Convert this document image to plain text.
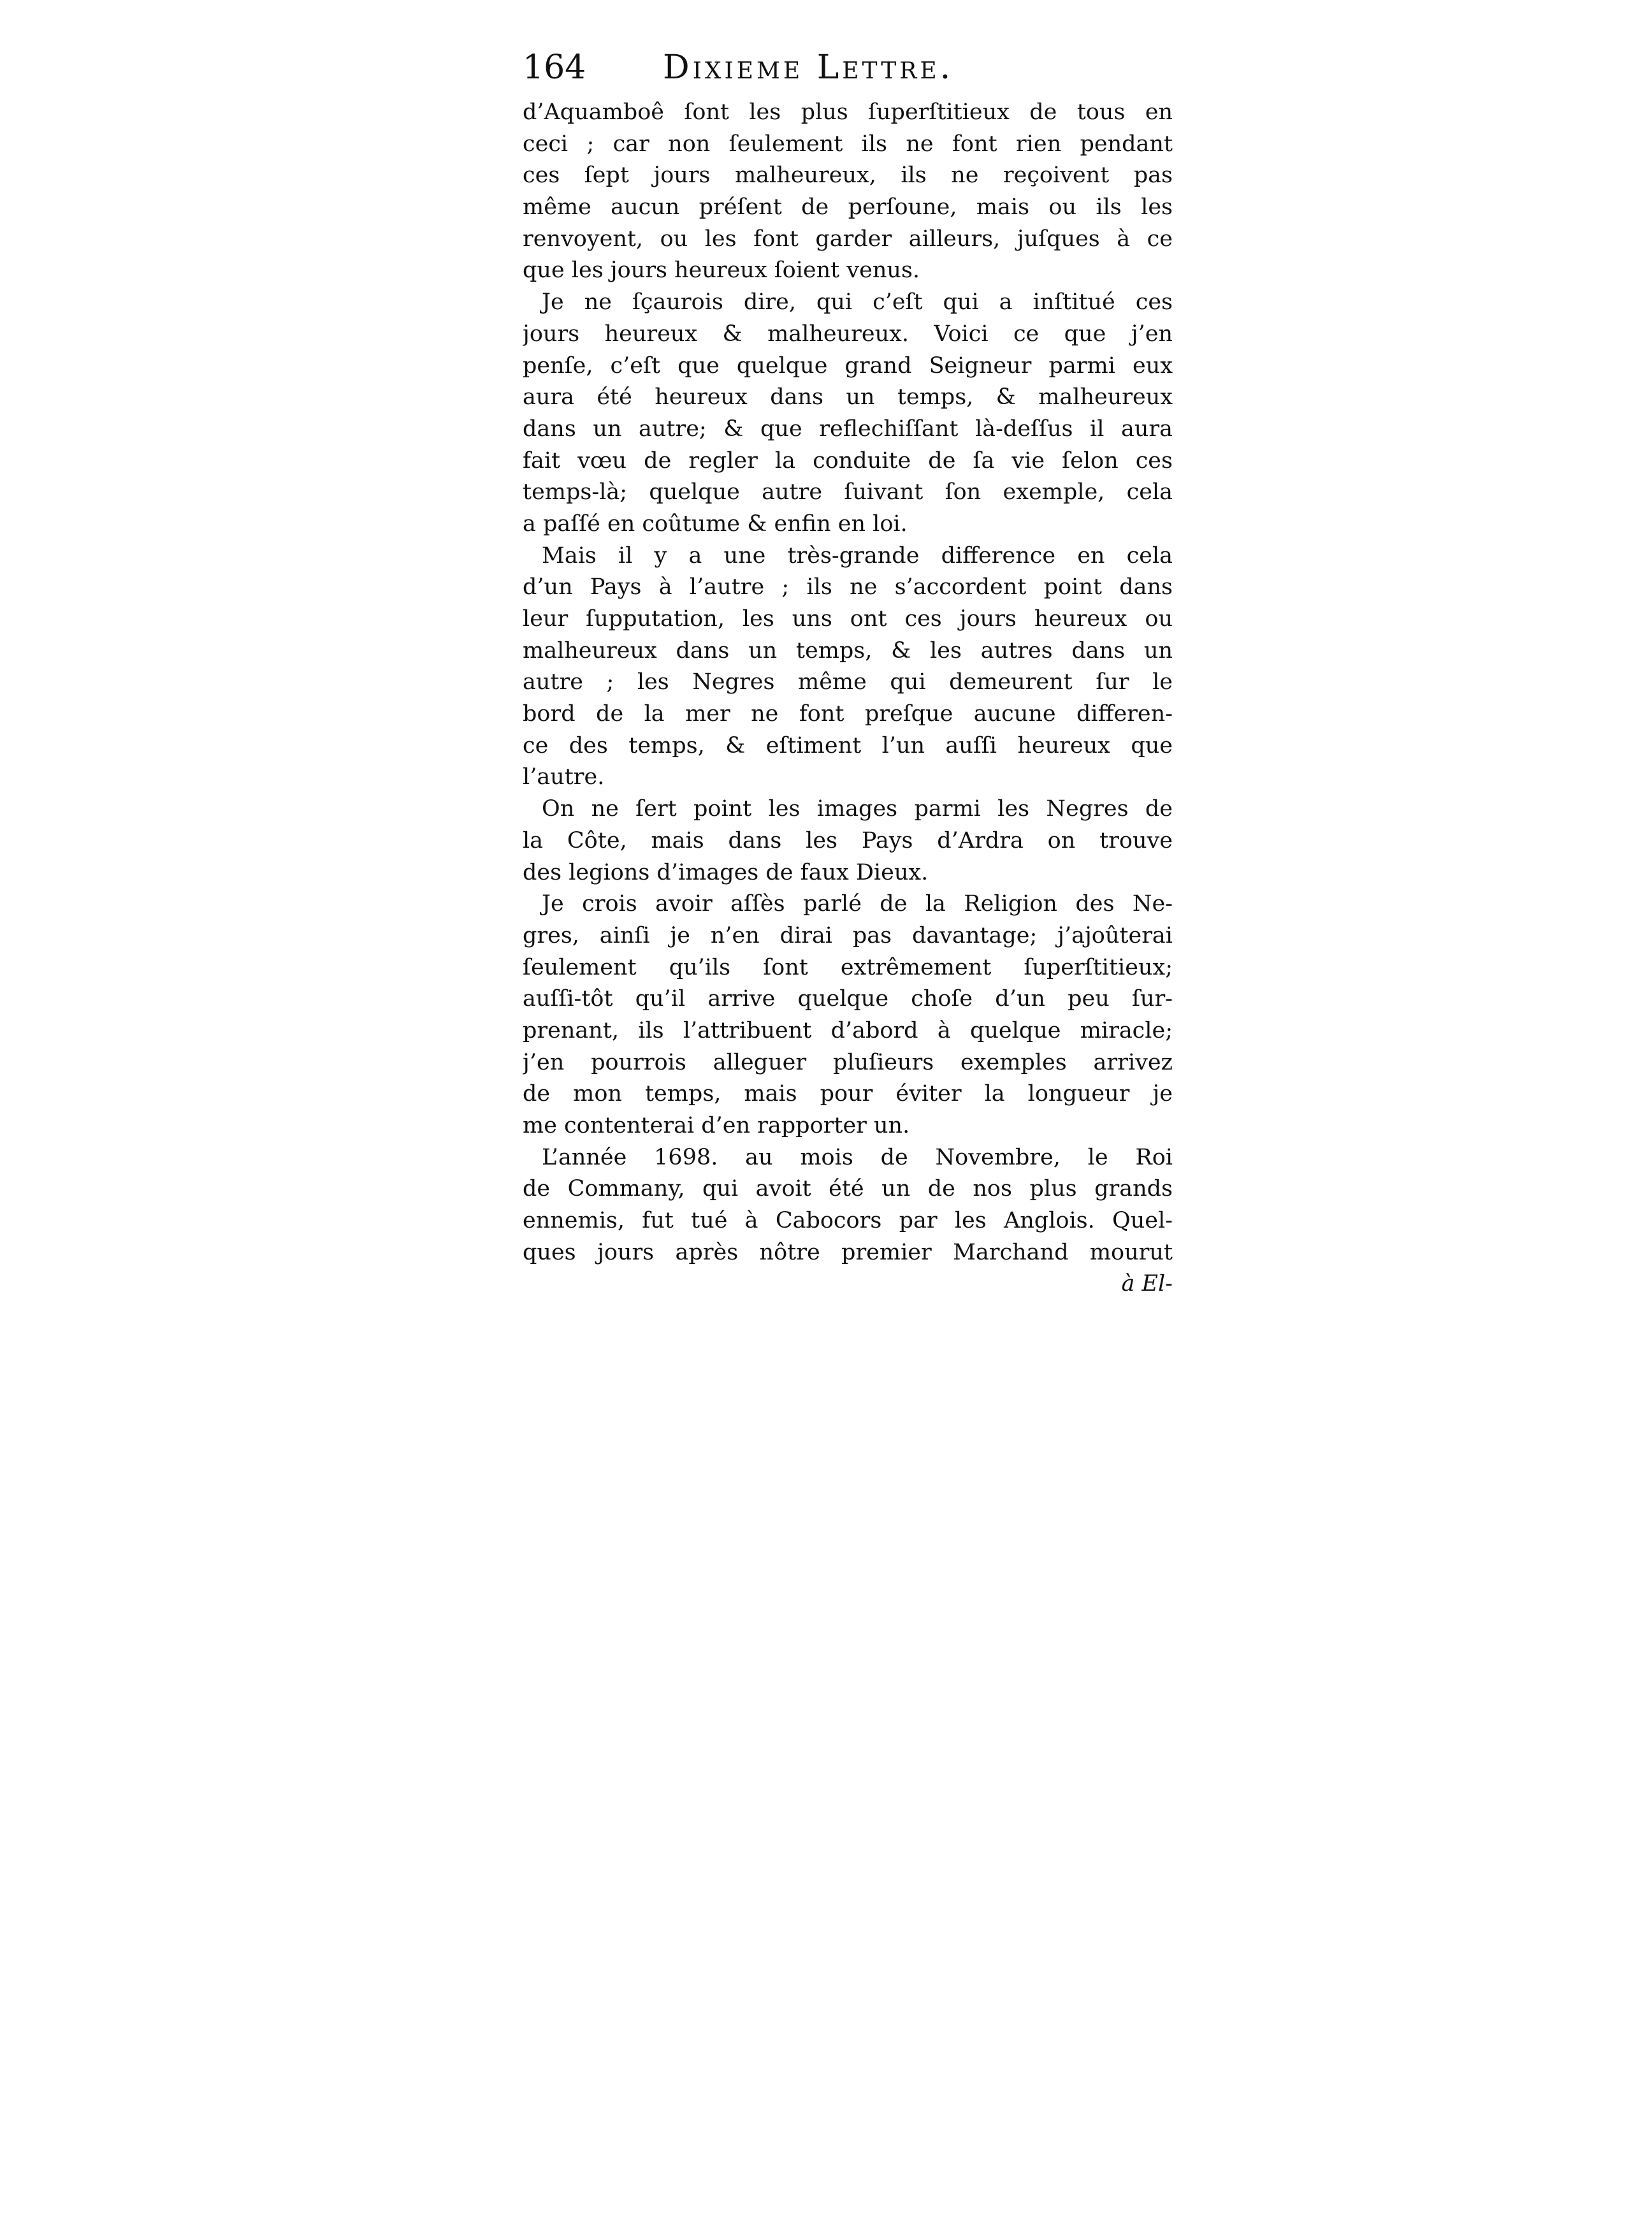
164 Dixieme Lettre.
d’Aquamboê ſont les plus ſuperſtitieux de tous en
ceci ; car non ſeulement ils ne font rien pendant
ces ſept jours malheureux, ils ne reçoivent pas
même aucun préſent de perſoune, mais ou ils les
renvoyent, ou les font garder ailleurs, juſques à ce
que les jours heureux ſoient venus.
Je ne ſçaurois dire, qui c’eſt qui a inſtitué ces
jours heureux & malheureux. Voici ce que j’en
penſe, c’eſt que quelque grand Seigneur parmi eux
aura été heureux dans un temps, & malheureux
dans un autre; & que reflechiſſant là-deſſus il aura
fait vœu de regler la conduite de ſa vie ſelon ces
temps-là; quelque autre ſuivant ſon exemple, cela
a paſſé en coûtume & enfin en loi.
Mais il y a une très-grande difference en cela
d’un Pays à l’autre ; ils ne s’accordent point dans
leur ſupputation, les uns ont ces jours heureux ou
malheureux dans un temps, & les autres dans un
autre ; les Negres même qui demeurent ſur le
bord de la mer ne font preſque aucune differen-
ce des temps, & eſtiment l’un auſſi heureux que
l’autre.
On ne ſert point les images parmi les Negres de
la Côte, mais dans les Pays d’Ardra on trouve
des legions d’images de faux Dieux.
Je crois avoir aſſès parlé de la Religion des Ne-
gres, ainſi je n’en dirai pas davantage; j’ajoûterai
ſeulement qu’ils ſont extrêmement ſuperſtitieux;
auſſi-tôt qu’il arrive quelque choſe d’un peu ſur-
prenant, ils l’attribuent d’abord à quelque miracle;
j’en pourrois alleguer pluſieurs exemples arrivez
de mon temps, mais pour éviter la longueur je
me contenterai d’en rapporter un.
L’année 1698. au mois de Novembre, le Roi
de Commany, qui avoit été un de nos plus grands
ennemis, fut tué à Cabocors par les Anglois. Quel-
ques jours après nôtre premier Marchand mourut
à El-
